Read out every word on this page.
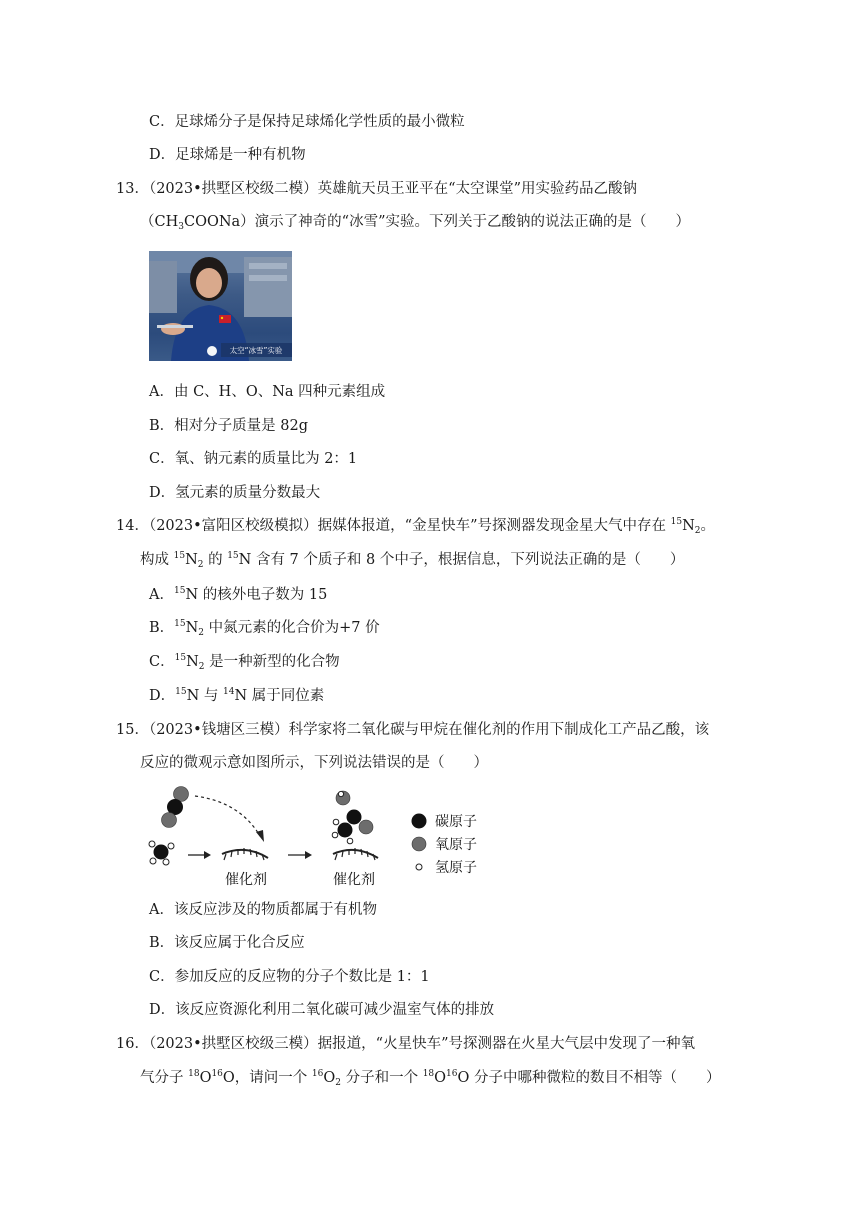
C．足球烯分子是保持足球烯化学性质的最小微粒
D．足球烯是一种有机物
13．（2023•拱墅区校级二模）英雄航天员王亚平在“太空课堂”用实验药品乙酸钠
$(CH_3COONa)$演示了神奇的“冰雪”实验。下列关于乙酸钠的说法正确的是（　　）
太空“冰雪”实验
A．由 C、H、O、Na 四种元素组成
B．相对分子质量是 82g
C．氧、钠元素的质量比为 2：1
D．氢元素的质量分数最大
14．（2023•富阳区校级模拟）据媒体报道，“金星快车”号探测器发现金星大气中存在 $^{15}N_2$。
构成 $^{15}N_2$ 的 $^{15}$N 含有 7 个质子和 8 个中子，根据信息，下列说法正确的是（　　）
A．$^{15}$N 的核外电子数为 15
B．$^{15}N_2$ 中氮元素的化合价为+7 价
C．$^{15}N_2$ 是一种新型的化合物
D．$^{15}$N 与 $^{14}$N 属于同位素
15．（2023•钱塘区三模）科学家将二氧化碳与甲烷在催化剂的作用下制成化工产品乙酸，该
反应的微观示意如图所示，下列说法错误的是（　　）
催化剂	催化剂
碳原子
氧原子
氢原子
A．该反应涉及的物质都属于有机物
B．该反应属于化合反应
C．参加反应的反应物的分子个数比是 1：1
D．该反应资源化利用二氧化碳可减少温室气体的排放
16．（2023•拱墅区校级三模）据报道，“火星快车”号探测器在火星大气层中发现了一种氧
气分子 $^{18}O^{16}O$，请问一个 $^{16}O_2$ 分子和一个 $^{18}O^{16}O$ 分子中哪种微粒的数目不相等（　　）
